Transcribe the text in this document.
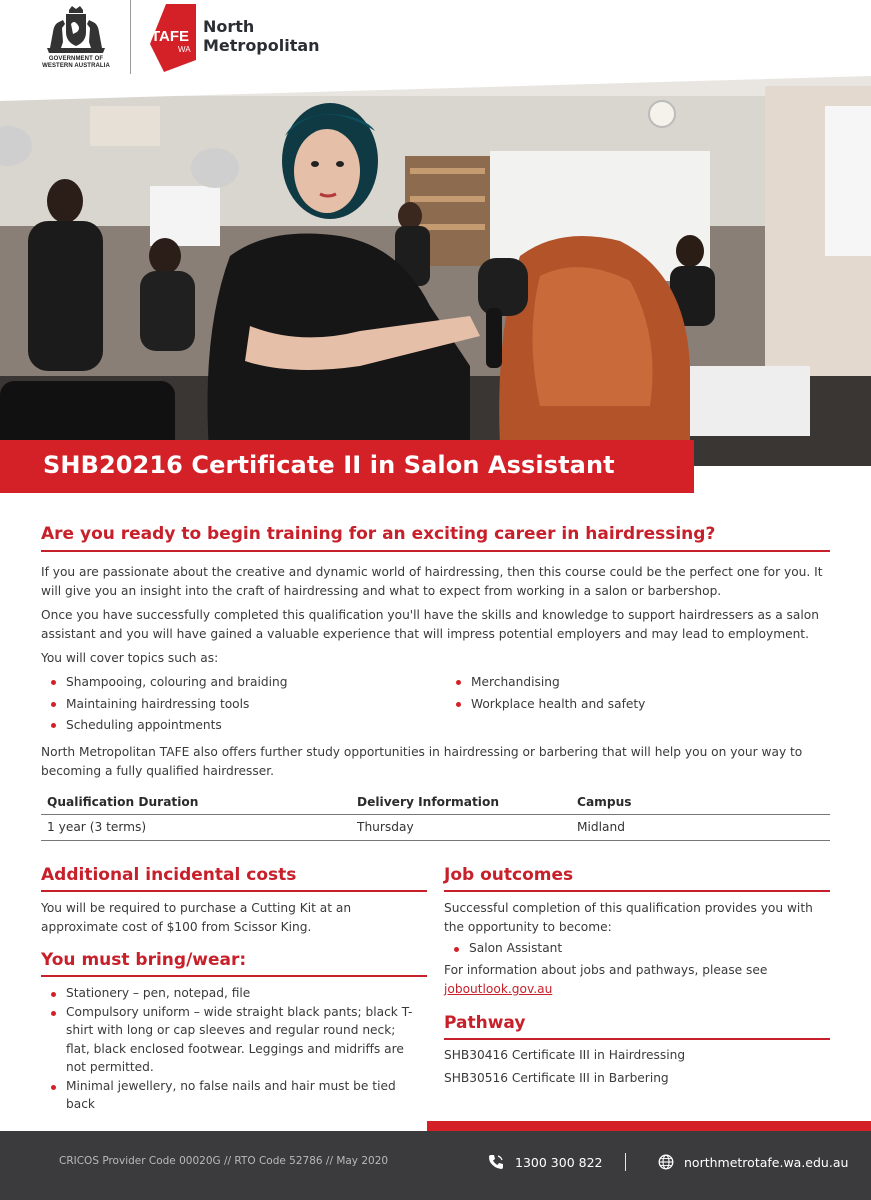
GOVERNMENT OF
WESTERN AUSTRALIA
TAFE
WA
North
Metropolitan
SHB20216 Certificate II in Salon Assistant
Are you ready to begin training for an exciting career in hairdressing?

If you are passionate about the creative and dynamic world of hairdressing, then this course could be the perfect one for you. It will give you an insight into the craft of hairdressing and what to expect from working in a salon or barbershop.

Once you have successfully completed this qualification you'll have the skills and knowledge to support hairdressers as a salon assistant and you will have gained a valuable experience that will impress potential employers and may lead to employment.

You will cover topics such as:

Shampooing, colouring and braiding
Maintaining hairdressing tools
Scheduling appointments
Merchandising
Workplace health and safety

North Metropolitan TAFE also offers further study opportunities in hairdressing or barbering that will help you on your way to becoming a fully qualified hairdresser.

Qualification Duration	Delivery Information	Campus
1 year (3 terms)	Thursday	Midland
Additional incidental costs

You will be required to purchase a Cutting Kit at an approximate cost of $100 from Scissor King.

You must bring/wear:
Stationery – pen, notepad, file
Compulsory uniform – wide straight black pants; black T-shirt with long or cap sleeves and regular round neck; flat, black enclosed footwear. Leggings and midriffs are not permitted.
Minimal jewellery, no false nails and hair must be tied back
Job outcomes

Successful completion of this qualification provides you with the opportunity to become:

Salon Assistant

For information about jobs and pathways, please see
joboutlook.gov.au

Pathway

SHB30416 Certificate III in Hairdressing

SHB30516 Certificate III in Barbering

CRICOS Provider Code 00020G // RTO Code 52786 // May 2020	1300 300 822	northmetrotafe.wa.edu.au
